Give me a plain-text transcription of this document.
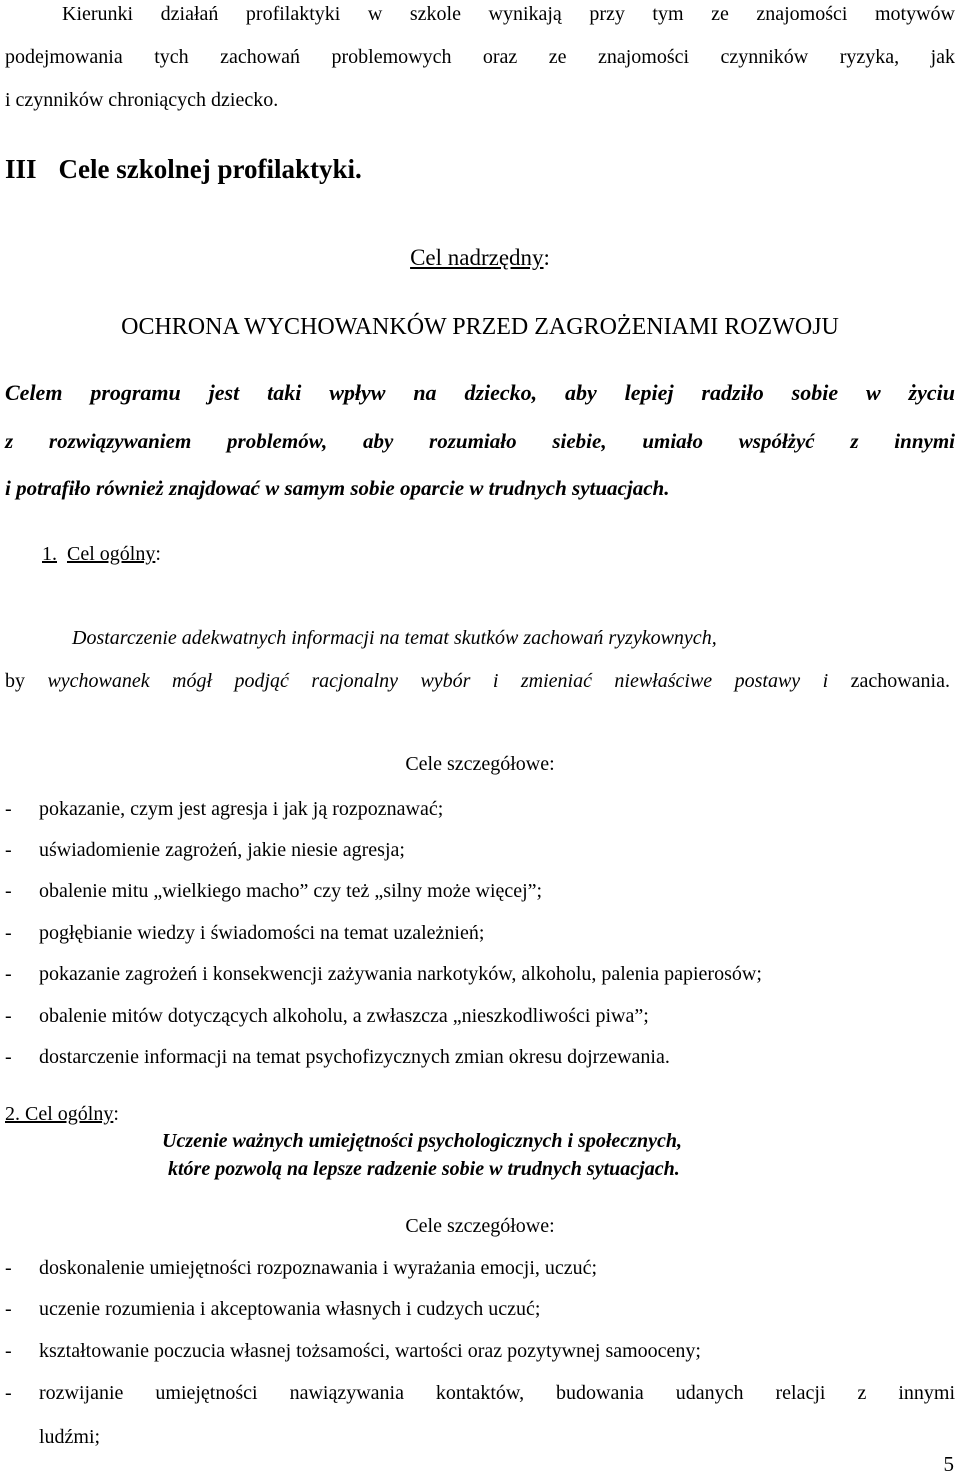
Kierunki działań profilaktyki w szkole wynikają przy tym ze znajomości motywów
podejmowania tych zachowań problemowych oraz ze znajomości czynników ryzyka, jak
i czynników chroniących dziecko.
III Cele szkolnej profilaktyki.
Cel nadrzędny:
OCHRONA WYCHOWANKÓW PRZED ZAGROŻENIAMI ROZWOJU
Celem programu jest taki wpływ na dziecko, aby lepiej radziło sobie w życiu
z rozwiązywaniem problemów, aby rozumiało siebie, umiało współżyć z innymi
i potrafiło również znajdować w samym sobie oparcie w trudnych sytuacjach.
1. Cel ogólny:
Dostarczenie adekwatnych informacji na temat skutków zachowań ryzykownych,
by wychowanek mógł podjąć racjonalny wybór i zmieniać niewłaściwe postawy i zachowania.
Cele szczegółowe:
- pokazanie, czym jest agresja i jak ją rozpoznawać;
- uświadomienie zagrożeń, jakie niesie agresja;
- obalenie mitu „wielkiego macho” czy też „silny może więcej”;
- pogłębianie wiedzy i świadomości na temat uzależnień;
- pokazanie zagrożeń i konsekwencji zażywania narkotyków, alkoholu, palenia papierosów;
- obalenie mitów dotyczących alkoholu, a zwłaszcza „nieszkodliwości piwa”;
- dostarczenie informacji na temat psychofizycznych zmian okresu dojrzewania.
2. Cel ogólny:
Uczenie ważnych umiejętności psychologicznych i społecznych,
które pozwolą na lepsze radzenie sobie w trudnych sytuacjach.
Cele szczegółowe:
- doskonalenie umiejętności rozpoznawania i wyrażania emocji, uczuć;
- uczenie rozumienia i akceptowania własnych i cudzych uczuć;
- kształtowanie poczucia własnej tożsamości, wartości oraz pozytywnej samooceny;
- rozwijanie umiejętności nawiązywania kontaktów, budowania udanych relacji z innymi
ludźmi;
5
